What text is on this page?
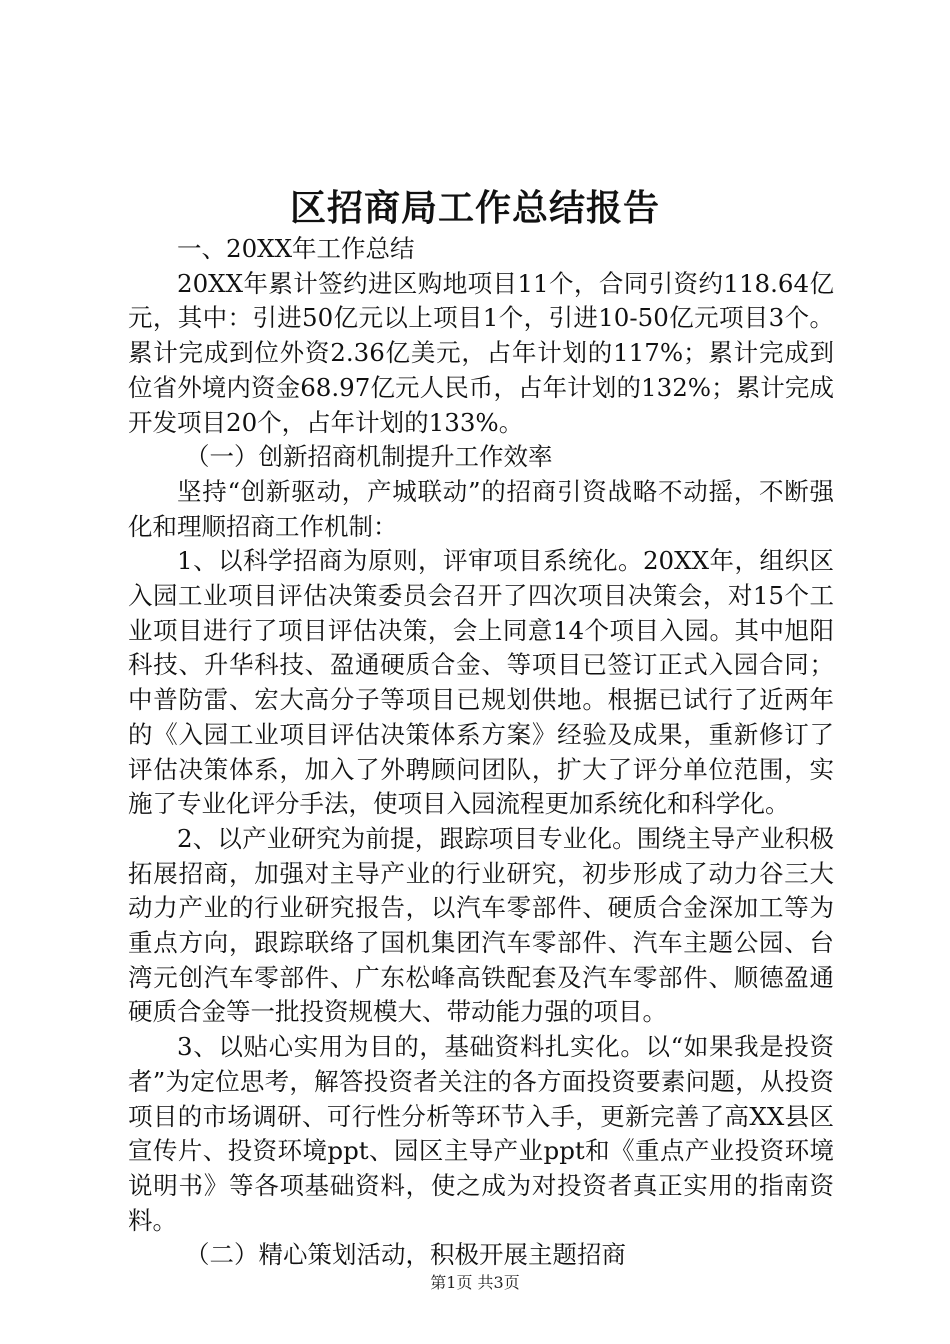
区招商局工作总结报告

一、20XX年工作总结

20XX年累计签约进区购地项目11个，合同引资约118.64亿元，其中：引进50亿元以上项目1个，引进10-50亿元项目3个。累计完成到位外资2.36亿美元，占年计划的117%；累计完成到位省外境内资金68.97亿元人民币，占年计划的132%；累计完成开发项目20个，占年计划的133%。

（一）创新招商机制提升工作效率

坚持“创新驱动，产城联动”的招商引资战略不动摇，不断强化和理顺招商工作机制：

1、以科学招商为原则，评审项目系统化。20XX年，组织区入园工业项目评估决策委员会召开了四次项目决策会，对15个工业项目进行了项目评估决策，会上同意14个项目入园。其中旭阳科技、升华科技、盈通硬质合金、等项目已签订正式入园合同；中普防雷、宏大高分子等项目已规划供地。根据已试行了近两年的《入园工业项目评估决策体系方案》经验及成果，重新修订了评估决策体系，加入了外聘顾问团队，扩大了评分单位范围，实施了专业化评分手法，使项目入园流程更加系统化和科学化。

2、以产业研究为前提，跟踪项目专业化。围绕主导产业积极拓展招商，加强对主导产业的行业研究，初步形成了动力谷三大动力产业的行业研究报告，以汽车零部件、硬质合金深加工等为重点方向，跟踪联络了国机集团汽车零部件、汽车主题公园、台湾元创汽车零部件、广东松峰高铁配套及汽车零部件、顺德盈通硬质合金等一批投资规模大、带动能力强的项目。

3、以贴心实用为目的，基础资料扎实化。以“如果我是投资者”为定位思考，解答投资者关注的各方面投资要素问题，从投资项目的市场调研、可行性分析等环节入手，更新完善了高XX县区宣传片、投资环境ppt、园区主导产业ppt和《重点产业投资环境说明书》等各项基础资料，使之成为对投资者真正实用的指南资料。

（二）精心策划活动，积极开展主题招商

第1页 共3页
